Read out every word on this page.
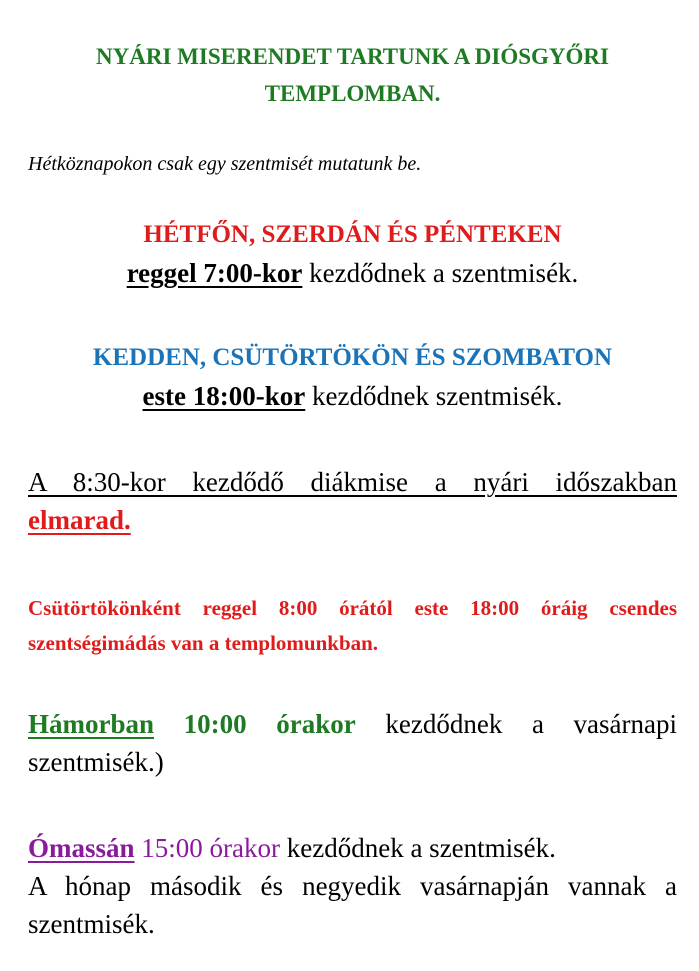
NYÁRI MISERENDET TARTUNK A DIÓSGYŐRI
TEMPLOMBAN.
Hétköznapokon csak egy szentmisét mutatunk be.
HÉTFŐN, SZERDÁN ÉS PÉNTEKEN
reggel 7:00-kor kezdődnek a szentmisék.
KEDDEN, CSÜTÖRTÖKÖN ÉS SZOMBATON
este 18:00-kor kezdődnek szentmisék.
A 8:30-kor kezdődő diákmise a nyári időszakban
elmarad.
Csütörtökönként reggel 8:00 órától este 18:00 óráig csendes szentségimádás van a templomunkban.
Hámorban 10:00 órakor kezdődnek a vasárnapi szentmisék.)
Ómassán 15:00 órakor kezdődnek a szentmisék.
A hónap második és negyedik vasárnapján vannak a szentmisék.
